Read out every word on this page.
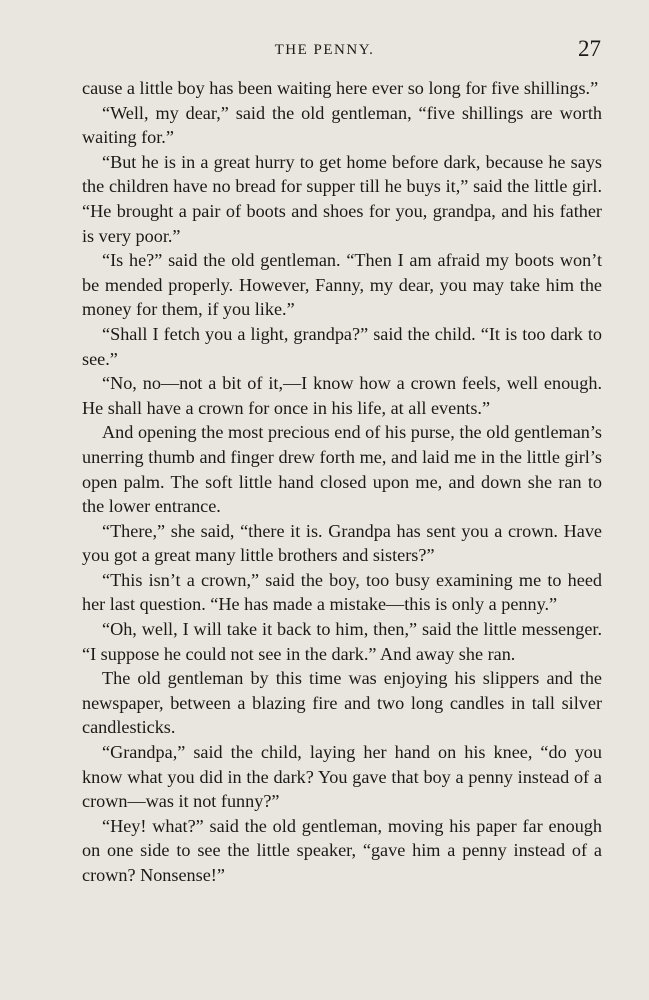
THE PENNY.	27

cause a little boy has been waiting here ever so long for five shillings.”

“Well, my dear,” said the old gentleman, “five shillings are worth waiting for.”

“But he is in a great hurry to get home before dark, because he says the children have no bread for supper till he buys it,” said the little girl. “He brought a pair of boots and shoes for you, grandpa, and his father is very poor.”

“Is he?” said the old gentleman. “Then I am afraid my boots won’t be mended properly. However, Fanny, my dear, you may take him the money for them, if you like.”

“Shall I fetch you a light, grandpa?” said the child. “It is too dark to see.”

“No, no—not a bit of it,—I know how a crown feels, well enough. He shall have a crown for once in his life, at all events.”

And opening the most precious end of his purse, the old gentleman’s unerring thumb and finger drew forth me, and laid me in the little girl’s open palm. The soft little hand closed upon me, and down she ran to the lower entrance.

“There,” she said, “there it is. Grandpa has sent you a crown. Have you got a great many little brothers and sisters?”

“This isn’t a crown,” said the boy, too busy examining me to heed her last question. “He has made a mistake—this is only a penny.”

“Oh, well, I will take it back to him, then,” said the little messenger. “I suppose he could not see in the dark.” And away she ran.

The old gentleman by this time was enjoying his slippers and the newspaper, between a blazing fire and two long candles in tall silver candlesticks.

“Grandpa,” said the child, laying her hand on his knee, “do you know what you did in the dark? You gave that boy a penny instead of a crown—was it not funny?”

“Hey! what?” said the old gentleman, moving his paper far enough on one side to see the little speaker, “gave him a penny instead of a crown? Nonsense!”
